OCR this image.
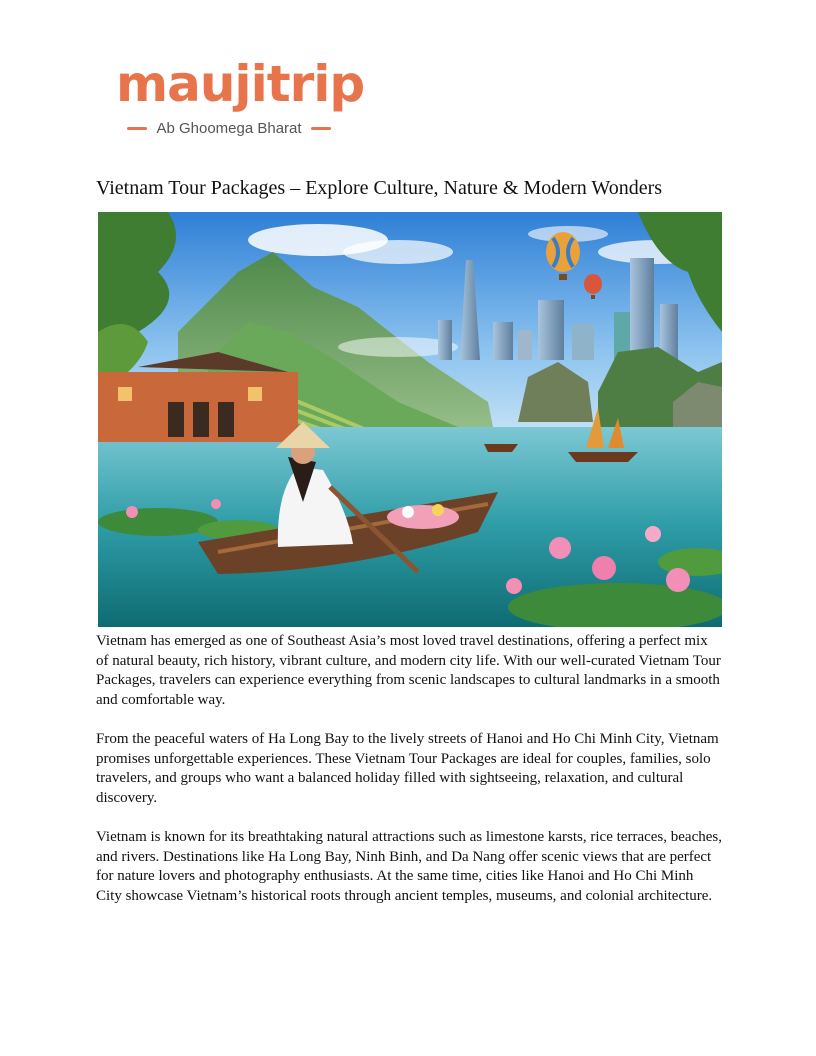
maujitrip
Ab Ghoomega Bharat
Vietnam Tour Packages – Explore Culture, Nature & Modern Wonders

Vietnam has emerged as one of Southeast Asia’s most loved travel destinations, offering a perfect mix of natural beauty, rich history, vibrant culture, and modern city life. With our well-curated Vietnam Tour Packages, travelers can experience everything from scenic landscapes to cultural landmarks in a smooth and comfortable way.

From the peaceful waters of Ha Long Bay to the lively streets of Hanoi and Ho Chi Minh City, Vietnam promises unforgettable experiences. These Vietnam Tour Packages are ideal for couples, families, solo travelers, and groups who want a balanced holiday filled with sightseeing, relaxation, and cultural discovery.

Vietnam is known for its breathtaking natural attractions such as limestone karsts, rice terraces, beaches, and rivers. Destinations like Ha Long Bay, Ninh Binh, and Da Nang offer scenic views that are perfect for nature lovers and photography enthusiasts. At the same time, cities like Hanoi and Ho Chi Minh City showcase Vietnam’s historical roots through ancient temples, museums, and colonial architecture.
